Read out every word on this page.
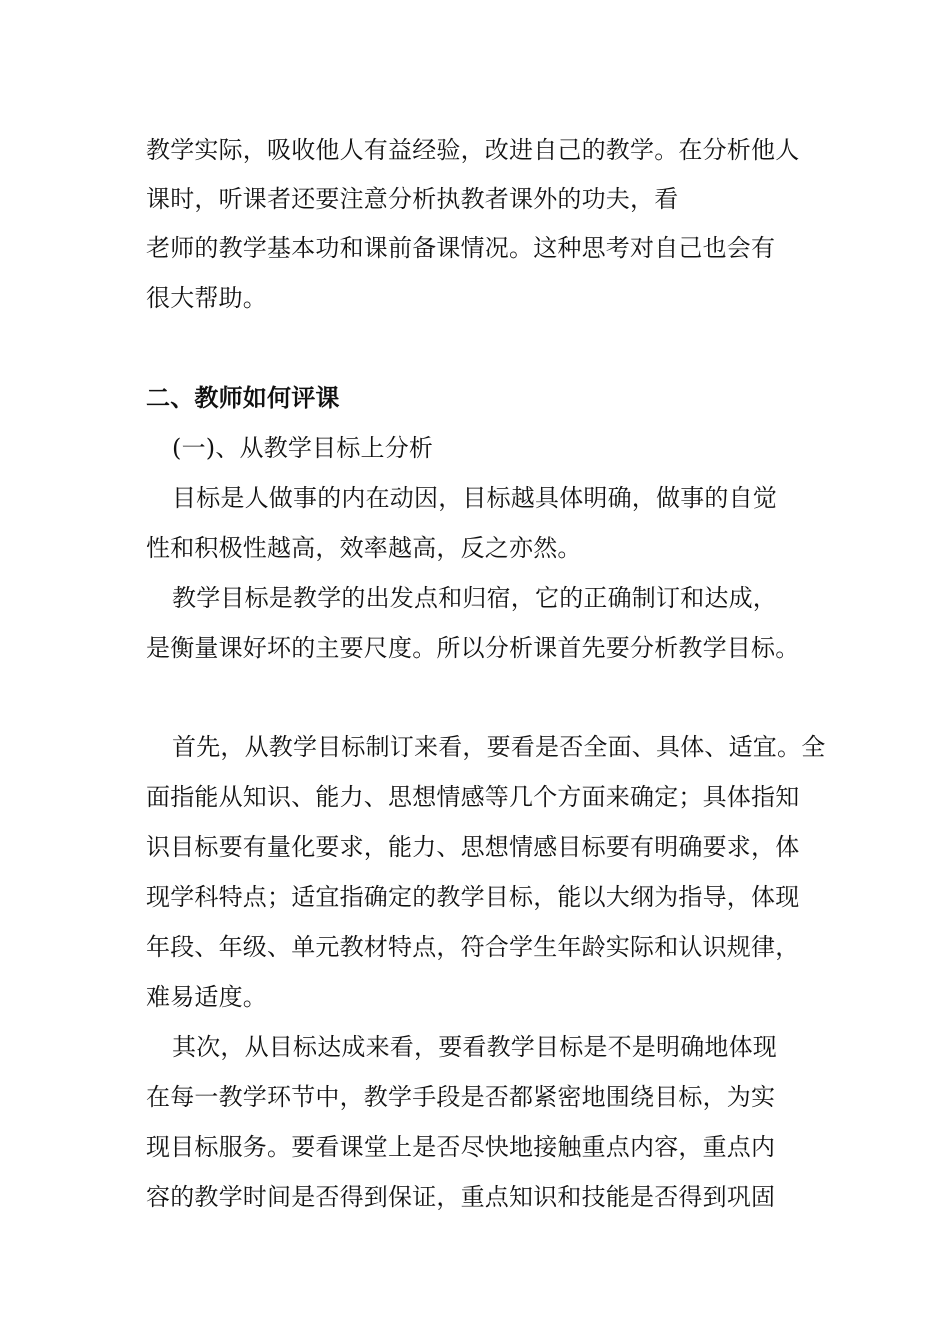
教学实际，吸收他人有益经验，改进自己的教学。在分析他人
课时，听课者还要注意分析执教者课外的功夫，看
老师的教学基本功和课前备课情况。这种思考对自己也会有
很大帮助。
二、教师如何评课
(一)、从教学目标上分析
目标是人做事的内在动因，目标越具体明确，做事的自觉
性和积极性越高，效率越高，反之亦然。
教学目标是教学的出发点和归宿，它的正确制订和达成，
是衡量课好坏的主要尺度。所以分析课首先要分析教学目标。
首先，从教学目标制订来看，要看是否全面、具体、适宜。全
面指能从知识、能力、思想情感等几个方面来确定；具体指知
识目标要有量化要求，能力、思想情感目标要有明确要求，体
现学科特点；适宜指确定的教学目标，能以大纲为指导，体现
年段、年级、单元教材特点，符合学生年龄实际和认识规律，
难易适度。
其次，从目标达成来看，要看教学目标是不是明确地体现
在每一教学环节中，教学手段是否都紧密地围绕目标，为实
现目标服务。要看课堂上是否尽快地接触重点内容，重点内
容的教学时间是否得到保证，重点知识和技能是否得到巩固
